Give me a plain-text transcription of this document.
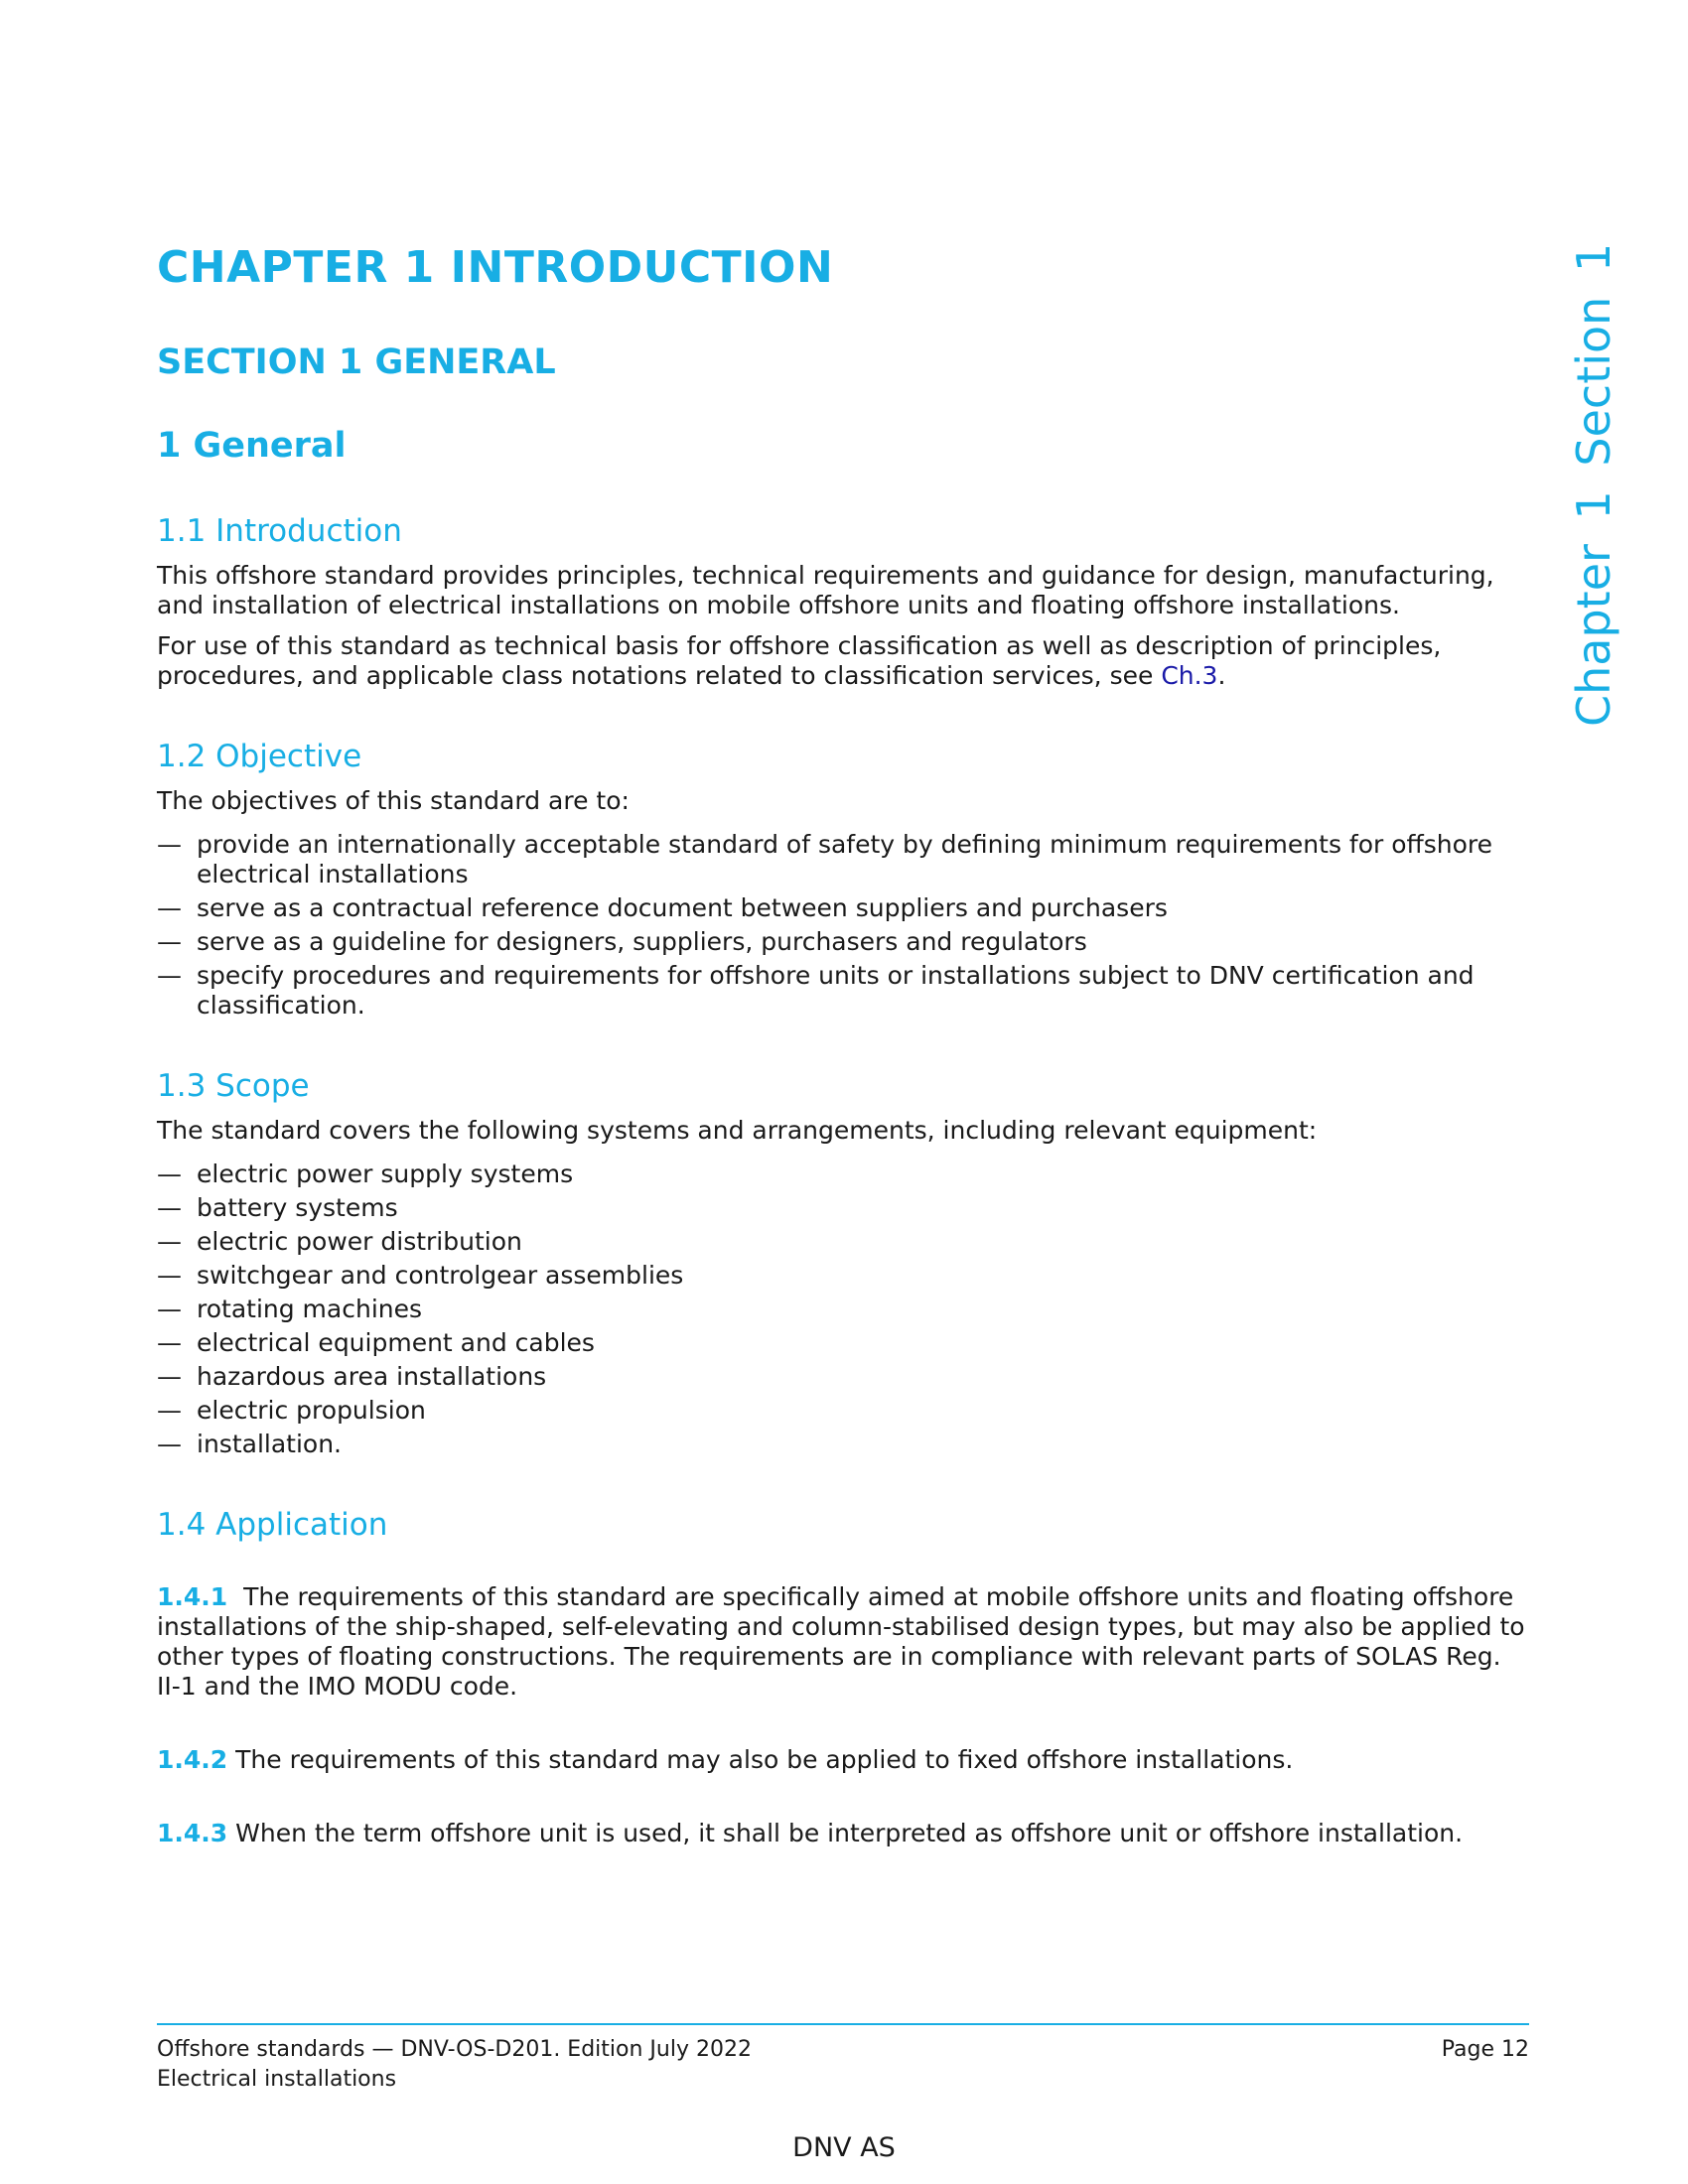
Chapter 1 Section 1
CHAPTER 1 INTRODUCTION
SECTION 1 GENERAL
1 General
1.1 Introduction

This offshore standard provides principles, technical requirements and guidance for design, manufacturing, and installation of electrical installations on mobile offshore units and floating offshore installations.

For use of this standard as technical basis for offshore classification as well as description of principles, procedures, and applicable class notations related to classification services, see Ch.3.

1.2 Objective

The objectives of this standard are to:

— provide an internationally acceptable standard of safety by defining minimum requirements for offshore electrical installations
— serve as a contractual reference document between suppliers and purchasers
— serve as a guideline for designers, suppliers, purchasers and regulators
— specify procedures and requirements for offshore units or installations subject to DNV certification and classification.
1.3 Scope

The standard covers the following systems and arrangements, including relevant equipment:

— electric power supply systems
— battery systems
— electric power distribution
— switchgear and controlgear assemblies
— rotating machines
— electrical equipment and cables
— hazardous area installations
— electric propulsion
— installation.
1.4 Application

1.4.1 The requirements of this standard are specifically aimed at mobile offshore units and floating offshore installations of the ship-shaped, self-elevating and column-stabilised design types, but may also be applied to other types of floating constructions. The requirements are in compliance with relevant parts of SOLAS Reg. II-1 and the IMO MODU code.

1.4.2 The requirements of this standard may also be applied to fixed offshore installations.

1.4.3 When the term offshore unit is used, it shall be interpreted as offshore unit or offshore installation.

Offshore standards — DNV-OS-D201. Edition July 2022
Electrical installations
Page 12
DNV AS
